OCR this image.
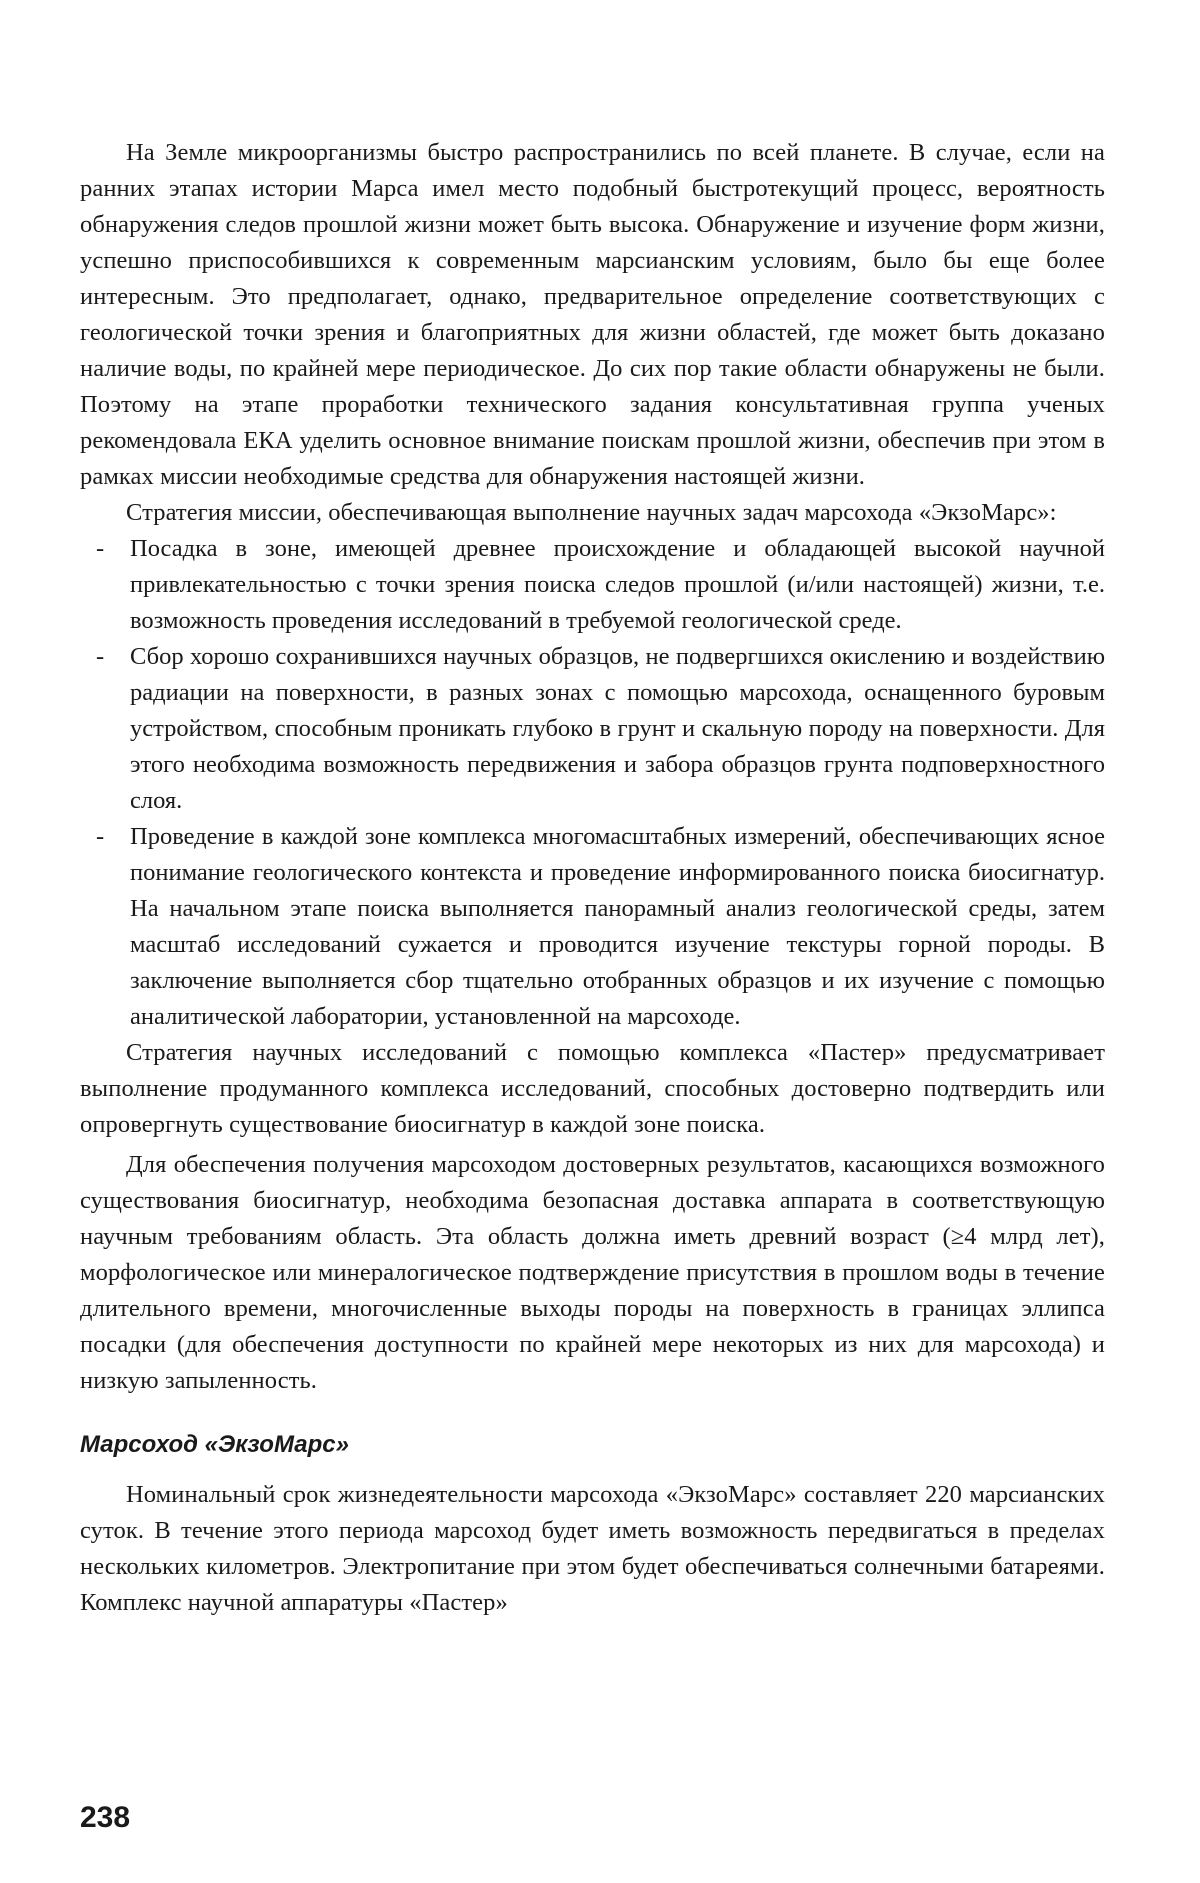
На Земле микроорганизмы быстро распространились по всей планете. В случае, если на ранних этапах истории Марса имел место подобный быстротекущий процесс, вероятность обнаружения следов прошлой жизни может быть высока. Обнаружение и изучение форм жизни, успешно приспособившихся к современным марсианским условиям, было бы еще более интересным. Это предполагает, однако, предварительное определение соответствующих с геологической точки зрения и благоприятных для жизни областей, где может быть доказано наличие воды, по крайней мере периодическое. До сих пор такие области обнаружены не были. Поэтому на этапе проработки технического задания консультативная группа ученых рекомендовала ЕКА уделить основное внимание поискам прошлой жизни, обеспечив при этом в рамках миссии необходимые средства для обнаружения настоящей жизни.

Стратегия миссии, обеспечивающая выполнение научных задач марсохода «ЭкзоМарс»:

- Посадка в зоне, имеющей древнее происхождение и обладающей высокой научной привлекательностью с точки зрения поиска следов прошлой (и/или настоящей) жизни, т.е. возможность проведения исследований в требуемой геологической среде.
- Сбор хорошо сохранившихся научных образцов, не подвергшихся окислению и воздействию радиации на поверхности, в разных зонах с помощью марсохода, оснащенного буровым устройством, способным проникать глубоко в грунт и скальную породу на поверхности. Для этого необходима возможность передвижения и забора образцов грунта подповерхностного слоя.
- Проведение в каждой зоне комплекса многомасштабных измерений, обеспечивающих ясное понимание геологического контекста и проведение информированного поиска биосигнатур. На начальном этапе поиска выполняется панорамный анализ геологической среды, затем масштаб исследований сужается и проводится изучение текстуры горной породы. В заключение выполняется сбор тщательно отобранных образцов и их изучение с помощью аналитической лаборатории, установленной на марсоходе.

Стратегия научных исследований с помощью комплекса «Пастер» предусматривает выполнение продуманного комплекса исследований, способных достоверно подтвердить или опровергнуть существование биосигнатур в каждой зоне поиска.

Для обеспечения получения марсоходом достоверных результатов, касающихся возможного существования биосигнатур, необходима безопасная доставка аппарата в соответствующую научным требованиям область. Эта область должна иметь древний возраст (≥4 млрд лет), морфологическое или минералогическое подтверждение присутствия в прошлом воды в течение длительного времени, многочисленные выходы породы на поверхность в границах эллипса посадки (для обеспечения доступности по крайней мере некоторых из них для марсохода) и низкую запыленность.

Марсоход «ЭкзоМарс»

Номинальный срок жизнедеятельности марсохода «ЭкзоМарс» составляет 220 марсианских суток. В течение этого периода марсоход будет иметь возможность передвигаться в пределах нескольких километров. Электропитание при этом будет обеспечиваться солнечными батареями. Комплекс научной аппаратуры «Пастер»

238
